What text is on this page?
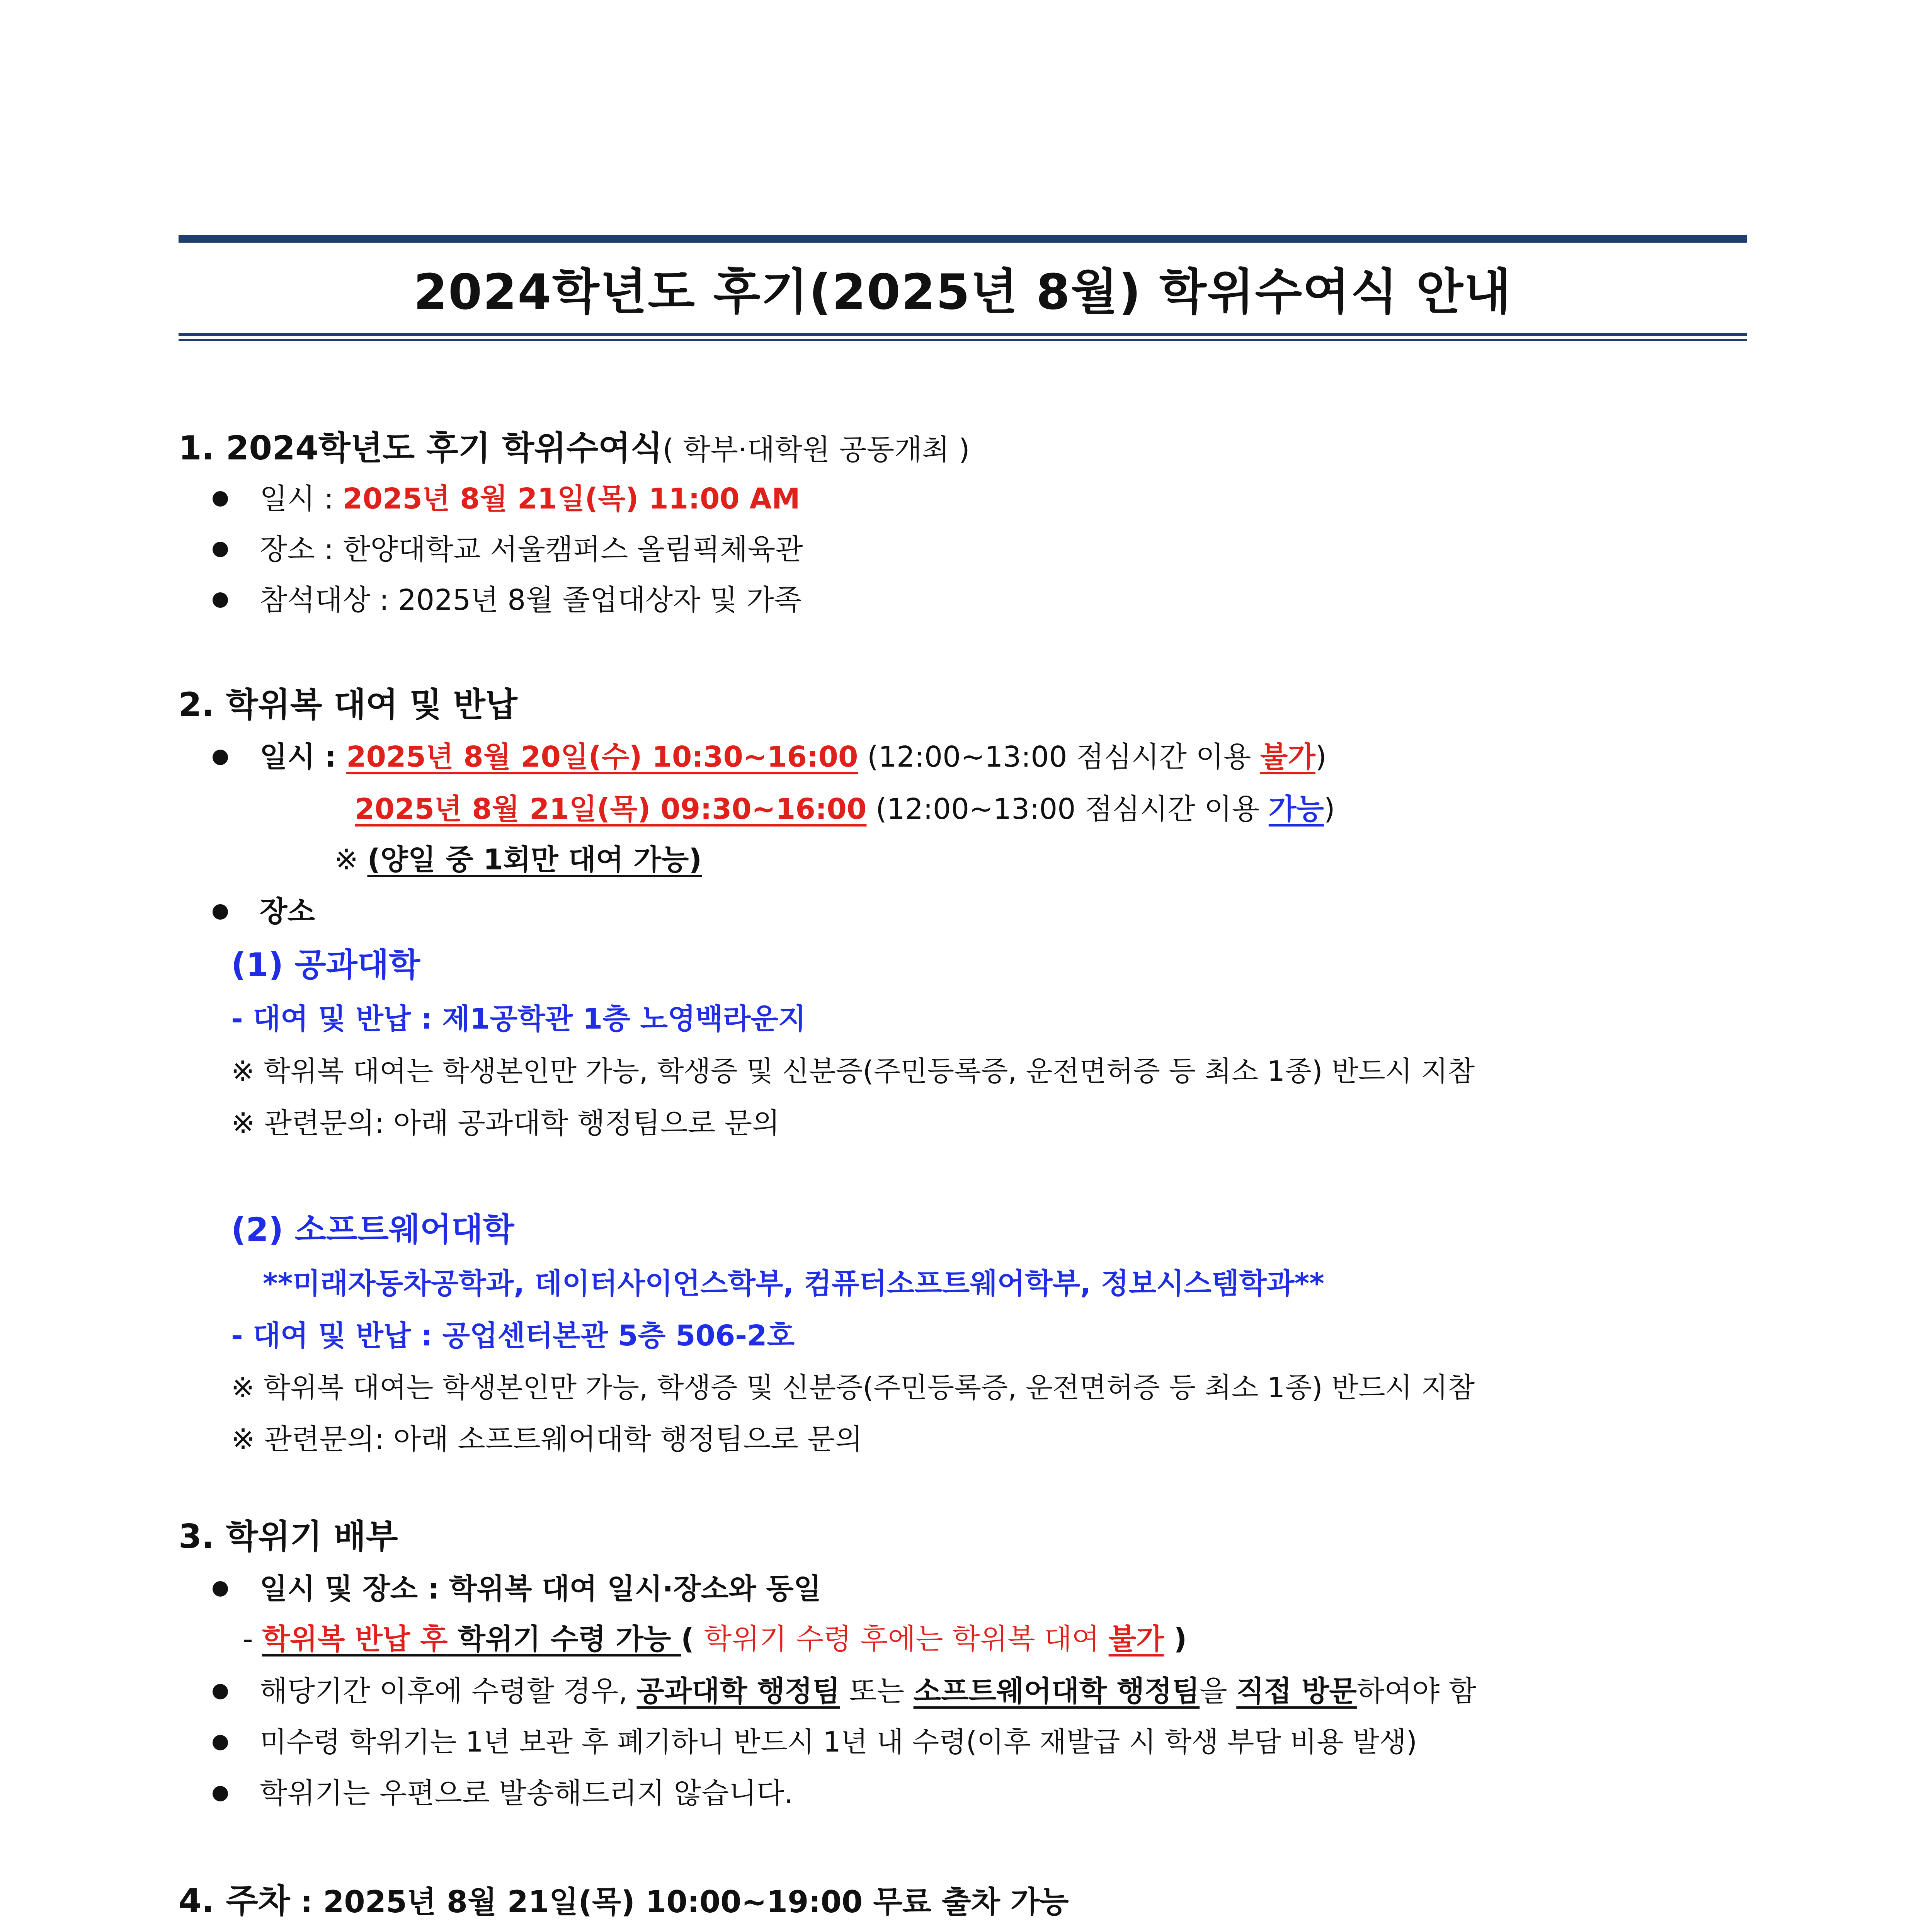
2024학년도 후기(2025년 8월) 학위수여식 안내
1. 2024학년도 후기 학위수여식( 학부·대학원 공동개최 )
일시 : 2025년 8월 21일(목) 11:00 AM
장소 : 한양대학교 서울캠퍼스 올림픽체육관
참석대상 : 2025년 8월 졸업대상자 및 가족
2. 학위복 대여 및 반납
일시 : 2025년 8월 20일(수) 10:30~16:00 (12:00~13:00 점심시간 이용 불가)
2025년 8월 21일(목) 09:30~16:00 (12:00~13:00 점심시간 이용 가능)
※ (양일 중 1회만 대여 가능)
장소
(1) 공과대학
- 대여 및 반납 : 제1공학관 1층 노영백라운지
※ 학위복 대여는 학생본인만 가능, 학생증 및 신분증(주민등록증, 운전면허증 등 최소 1종) 반드시 지참
※ 관련문의: 아래 공과대학 행정팀으로 문의
(2) 소프트웨어대학
**미래자동차공학과, 데이터사이언스학부, 컴퓨터소프트웨어학부, 정보시스템학과**
- 대여 및 반납 : 공업센터본관 5층 506-2호
※ 학위복 대여는 학생본인만 가능, 학생증 및 신분증(주민등록증, 운전면허증 등 최소 1종) 반드시 지참
※ 관련문의: 아래 소프트웨어대학 행정팀으로 문의
3. 학위기 배부
일시 및 장소 : 학위복 대여 일시·장소와 동일
- 학위복 반납 후 학위기 수령 가능 ( 학위기 수령 후에는 학위복 대여 불가 )
해당기간 이후에 수령할 경우, 공과대학 행정팀 또는 소프트웨어대학 행정팀을 직접 방문하여야 함
미수령 학위기는 1년 보관 후 폐기하니 반드시 1년 내 수령(이후 재발급 시 학생 부담 비용 발생)
학위기는 우편으로 발송해드리지 않습니다.
4. 주차 : 2025년 8월 21일(목) 10:00~19:00 무료 출차 가능
